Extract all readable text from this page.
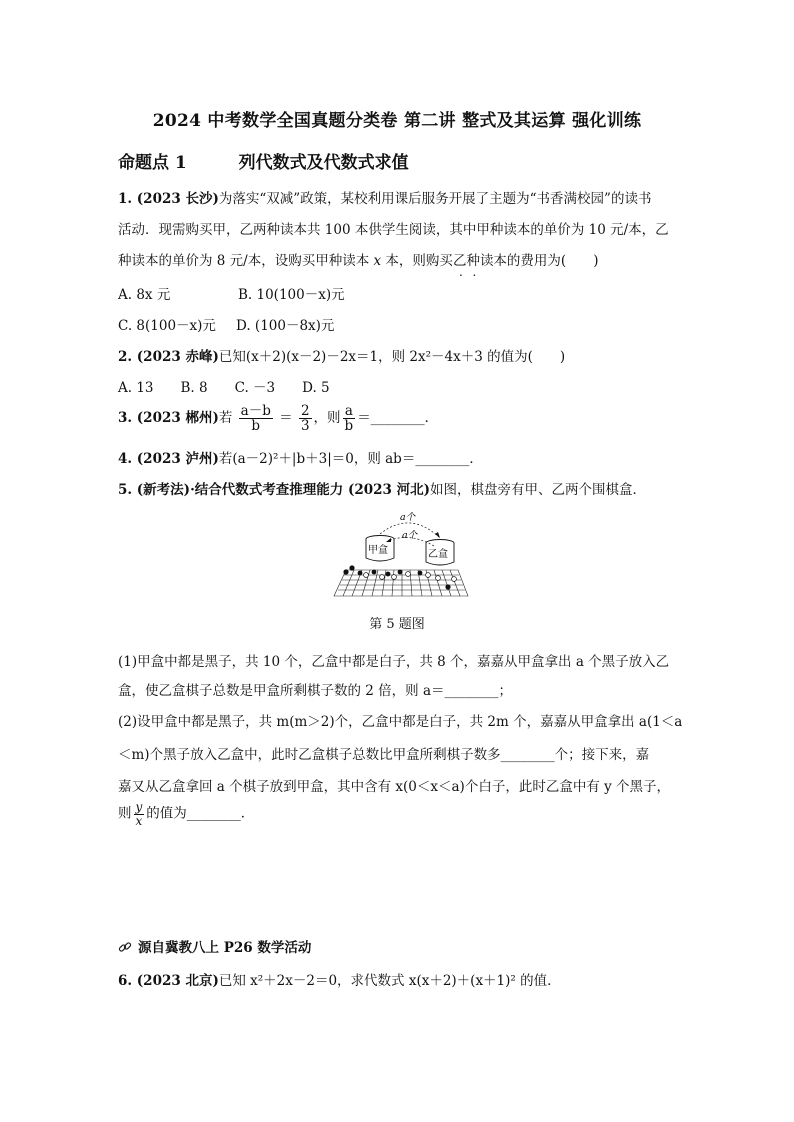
2024 中考数学全国真题分类卷 第二讲 整式及其运算 强化训练
命题点 1	列代数式及代数式求值
1. (2023 长沙)为落实“双减”政策，某校利用课后服务开展了主题为“书香满校园”的读书
活动．现需购买甲，乙两种读本共 100 本供学生阅读，其中甲种读本的单价为 10 元/本，乙
种读本的单价为 8 元/本，设购买甲种读本 x 本，则购买乙种读本的费用为(　　)
A. 8x 元	B. 10(100－x)元
C. 8(100－x)元 D. (100－8x)元
2. (2023 赤峰)已知(x＋2)(x－2)－2x＝1，则 2x²－4x＋3 的值为(　　)
A. 13　　B. 8　　C. －3　　D. 5
3. (2023 郴州)若 $\frac{a-b}{b} = \frac{2}{3}$ ，则 $\frac{a}{b}$ ＝________．
4. (2023 泸州)若(a－2)²＋|b＋3|＝0，则 ab＝________．
5. (新考法)·结合代数式考查推理能力 (2023 河北)如图，棋盘旁有甲、乙两个围棋盒．
甲盒	乙盒
a个
a个
第 5 题图
(1)甲盒中都是黑子，共 10 个，乙盒中都是白子，共 8 个，嘉嘉从甲盒拿出 a 个黑子放入乙
盒，使乙盒棋子总数是甲盒所剩棋子数的 2 倍，则 a＝________；
(2)设甲盒中都是黑子，共 m(m＞2)个，乙盒中都是白子，共 2m 个，嘉嘉从甲盒拿出 a(1＜a
＜m)个黑子放入乙盒中，此时乙盒棋子总数比甲盒所剩棋子数多________个；接下来，嘉
嘉又从乙盒拿回 a 个棋子放到甲盒，其中含有 x(0＜x＜a)个白子，此时乙盒中有 y 个黑子，
则 $\frac{y}{x}$ 的值为________．
源自冀教八上 P26 数学活动
6. (2023 北京)已知 x²＋2x－2＝0，求代数式 x(x＋2)＋(x＋1)² 的值．
